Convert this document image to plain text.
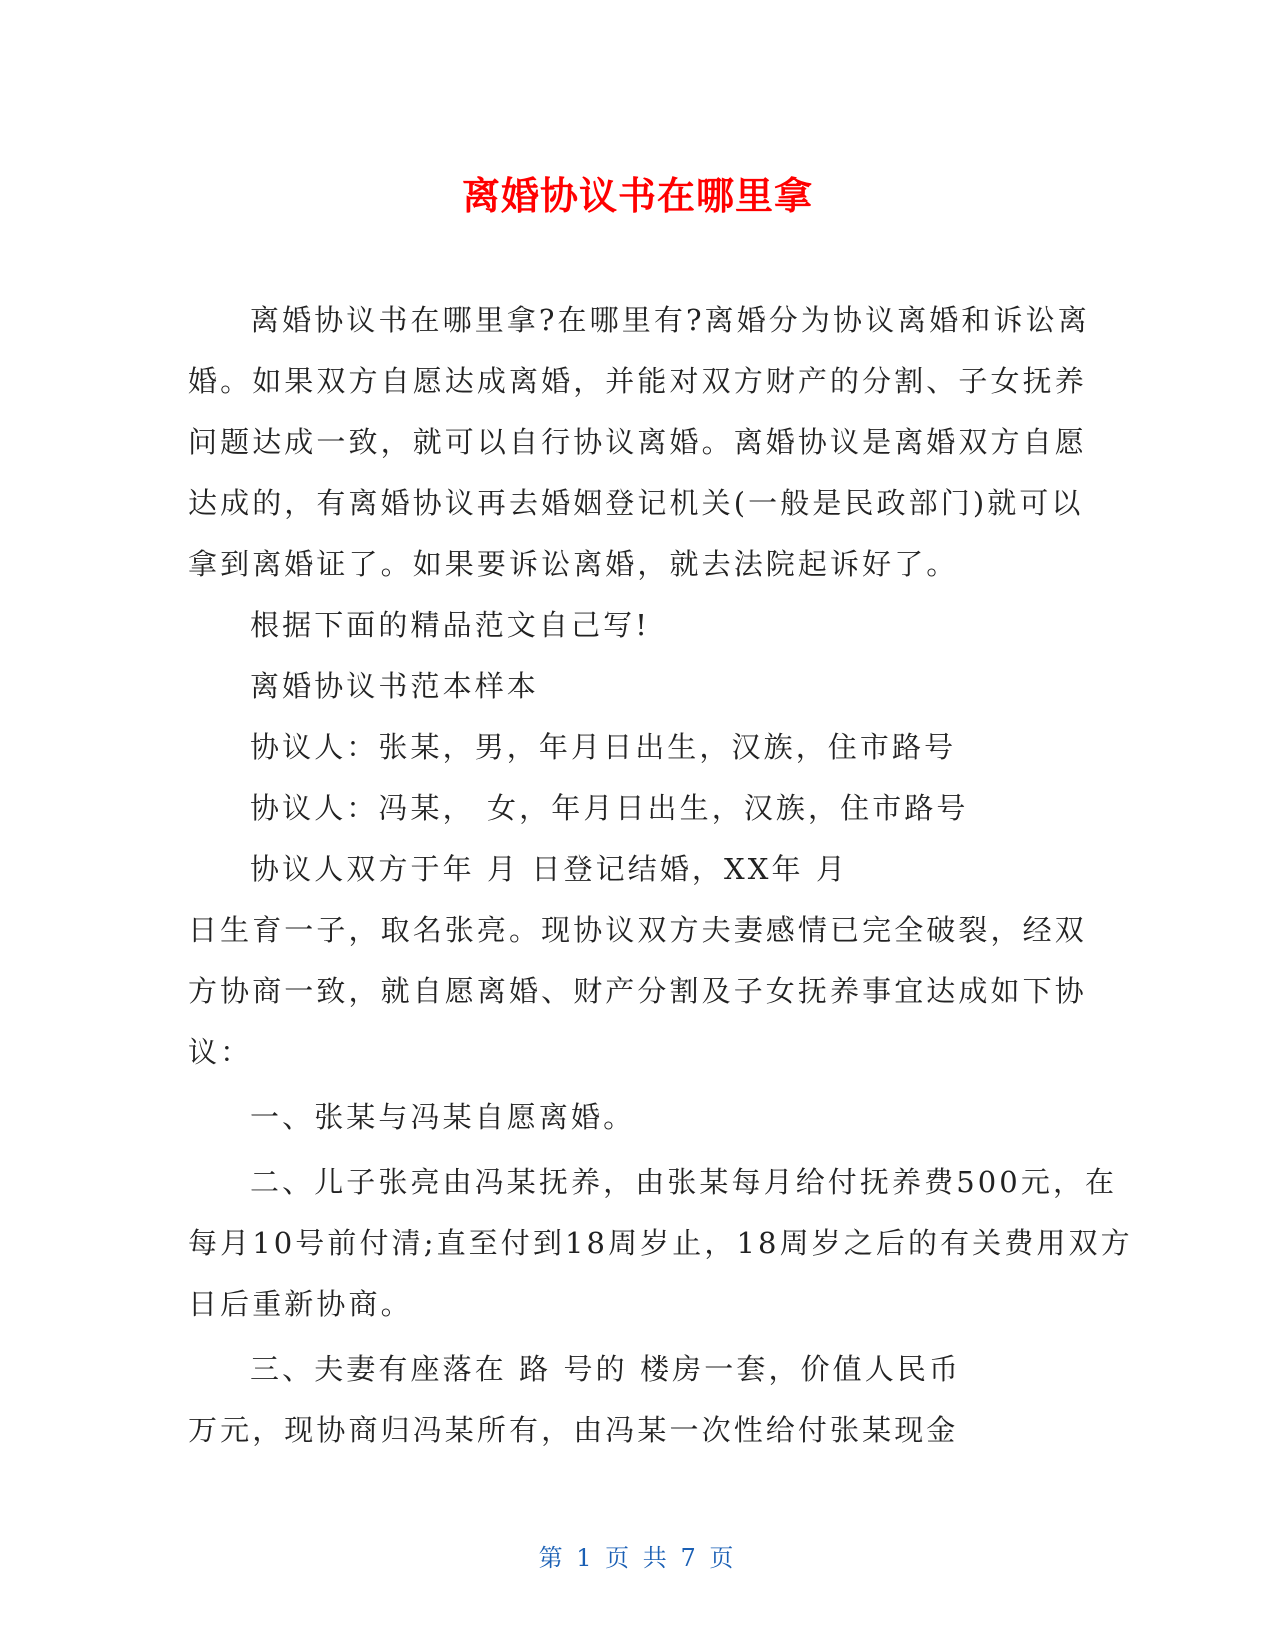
离婚协议书在哪里拿
离婚协议书在哪里拿?在哪里有?离婚分为协议离婚和诉讼离
婚。如果双方自愿达成离婚，并能对双方财产的分割、子女抚养
问题达成一致，就可以自行协议离婚。离婚协议是离婚双方自愿
达成的，有离婚协议再去婚姻登记机关(一般是民政部门)就可以
拿到离婚证了。如果要诉讼离婚，就去法院起诉好了。
根据下面的精品范文自己写!
离婚协议书范本样本
协议人：张某，男，年月日出生，汉族，住市路号
协议人：冯某， 女，年月日出生，汉族，住市路号
协议人双方于年 月 日登记结婚，XX年 月
日生育一子，取名张亮。现协议双方夫妻感情已完全破裂，经双
方协商一致，就自愿离婚、财产分割及子女抚养事宜达成如下协
议：
一、张某与冯某自愿离婚。
二、儿子张亮由冯某抚养，由张某每月给付抚养费500元，在
每月10号前付清;直至付到18周岁止，18周岁之后的有关费用双方
日后重新协商。
三、夫妻有座落在 路 号的 楼房一套，价值人民币
万元，现协商归冯某所有，由冯某一次性给付张某现金
第 1 页 共 7 页
